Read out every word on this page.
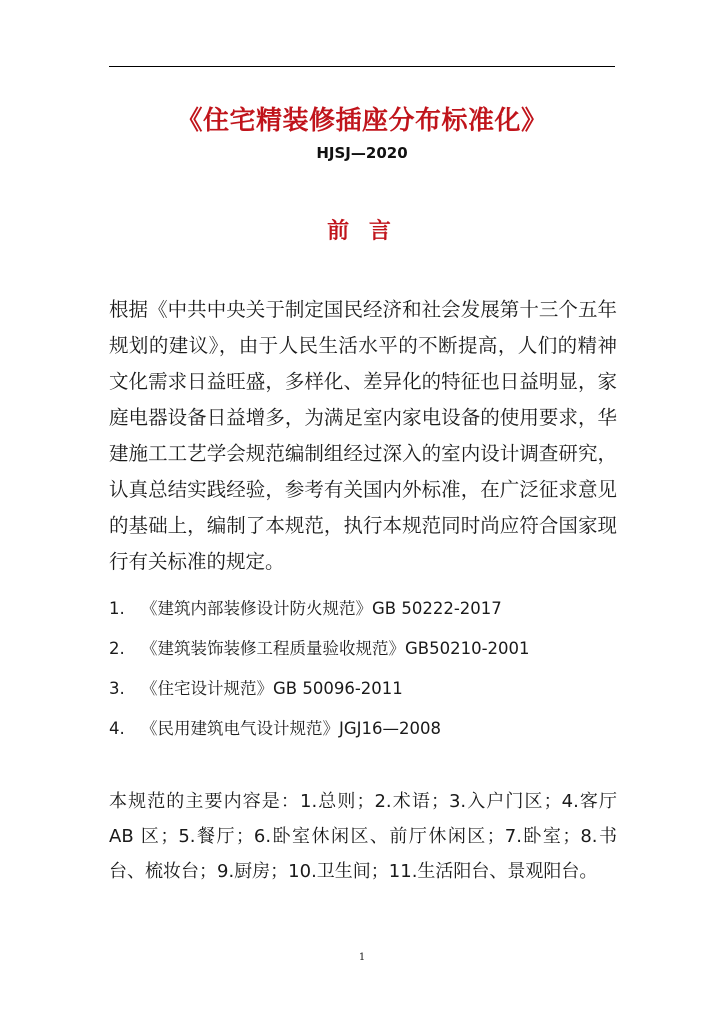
《住宅精装修插座分布标准化》
HJSJ—2020
前 言

根据《中共中央关于制定国民经济和社会发展第十三个五年规划的建议》，由于人民生活水平的不断提高，人们的精神文化需求日益旺盛，多样化、差异化的特征也日益明显，家庭电器设备日益增多，为满足室内家电设备的使用要求，华建施工工艺学会规范编制组经过深入的室内设计调查研究，认真总结实践经验，参考有关国内外标准，在广泛征求意见的基础上，编制了本规范，执行本规范同时尚应符合国家现行有关标准的规定。

1. 《建筑内部装修设计防火规范》GB 50222-2017
2. 《建筑装饰装修工程质量验收规范》GB50210-2001
3. 《住宅设计规范》GB 50096-2011
4. 《民用建筑电气设计规范》JGJ16—2008

本规范的主要内容是：1.总则；2.术语；3.入户门区；4.客厅 AB 区；5.餐厅；6.卧室休闲区、前厅休闲区；7.卧室；8.书台、梳妆台；9.厨房；10.卫生间；11.生活阳台、景观阳台。

1
